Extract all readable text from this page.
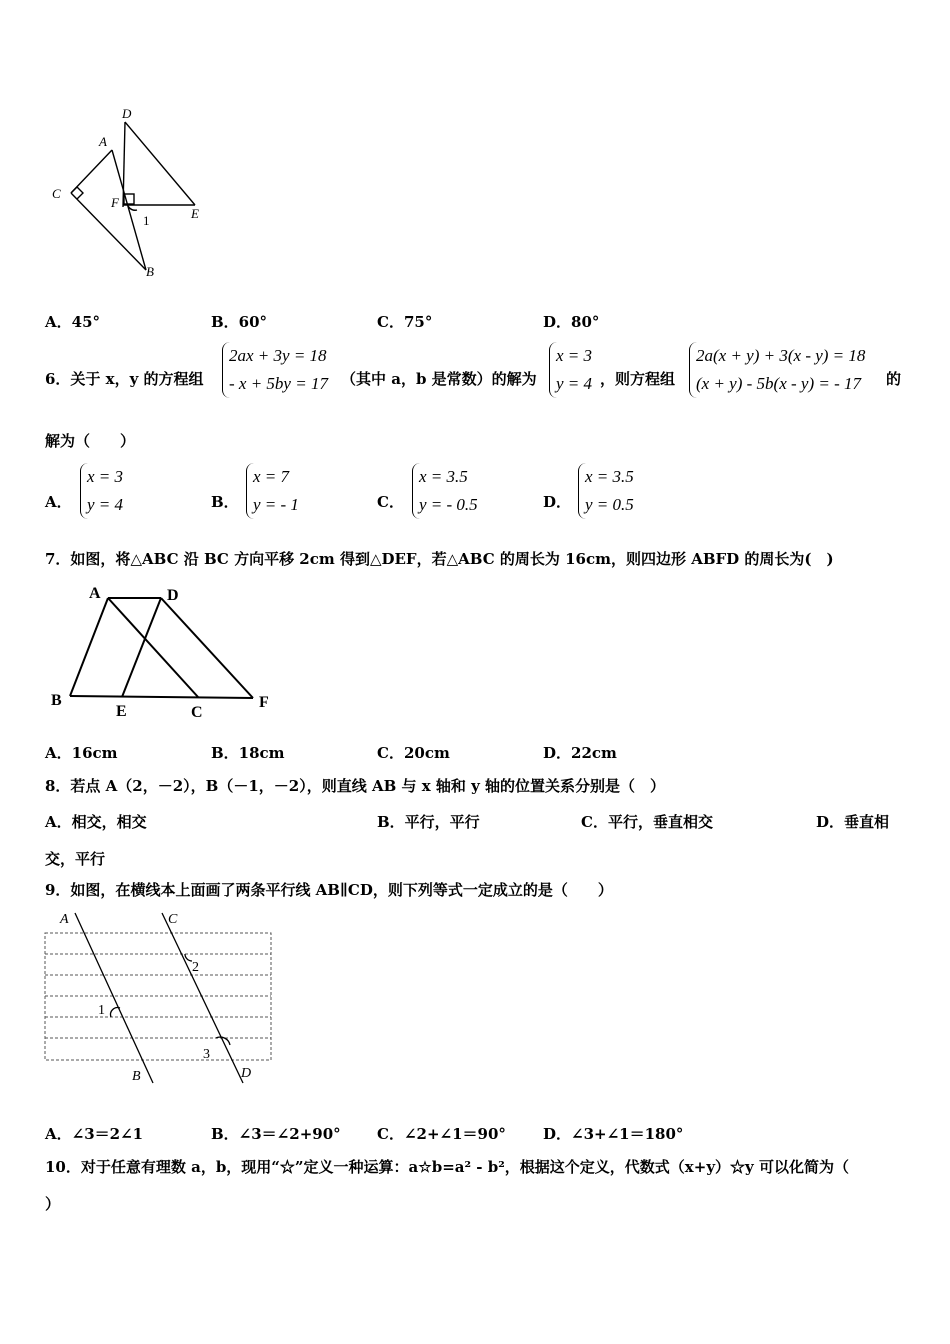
D
A
C
F
1	E
B
A．45°	B．60°	C．75°	D．80°
6．关于 x，y 的方程组
2ax + 3y = 18
- x + 5by = 17 （其中 a，b 是常数）的解为
x = 3
y = 4 ，则方程组
2a(x + y) + 3(x - y) = 18
(x + y) - 5b(x - y) = - 17 的
解为（　　）
A．
x = 3
y = 4	B．
x = 7
y = - 1	C．
x = 3.5
y = - 0.5	D．
x = 3.5
y = 0.5
7．如图，将△ABC 沿 BC 方向平移 2cm 得到△DEF，若△ABC 的周长为 16cm，则四边形 ABFD 的周长为(　)
A	D
B
E	C
F
A．16cm	B．18cm	C．20cm	D．22cm
8．若点 A（2，－2），B（－1，－2），则直线 AB 与 x 轴和 y 轴的位置关系分别是（　）
A．相交，相交	B．平行，平行	C．平行，垂直相交	D．垂直相
交，平行
9．如图，在横线本上面画了两条平行线 AB∥CD，则下列等式一定成立的是（　　）
A	C
2
1
3
B	D
A．∠3＝2∠1	B．∠3＝∠2+90° C．∠2+∠1＝90° D．∠3+∠1＝180°
10．对于任意有理数 a，b，现用“☆”定义一种运算：a☆b=a² - b²，根据这个定义，代数式（x+y）☆y 可以化简为（
）
